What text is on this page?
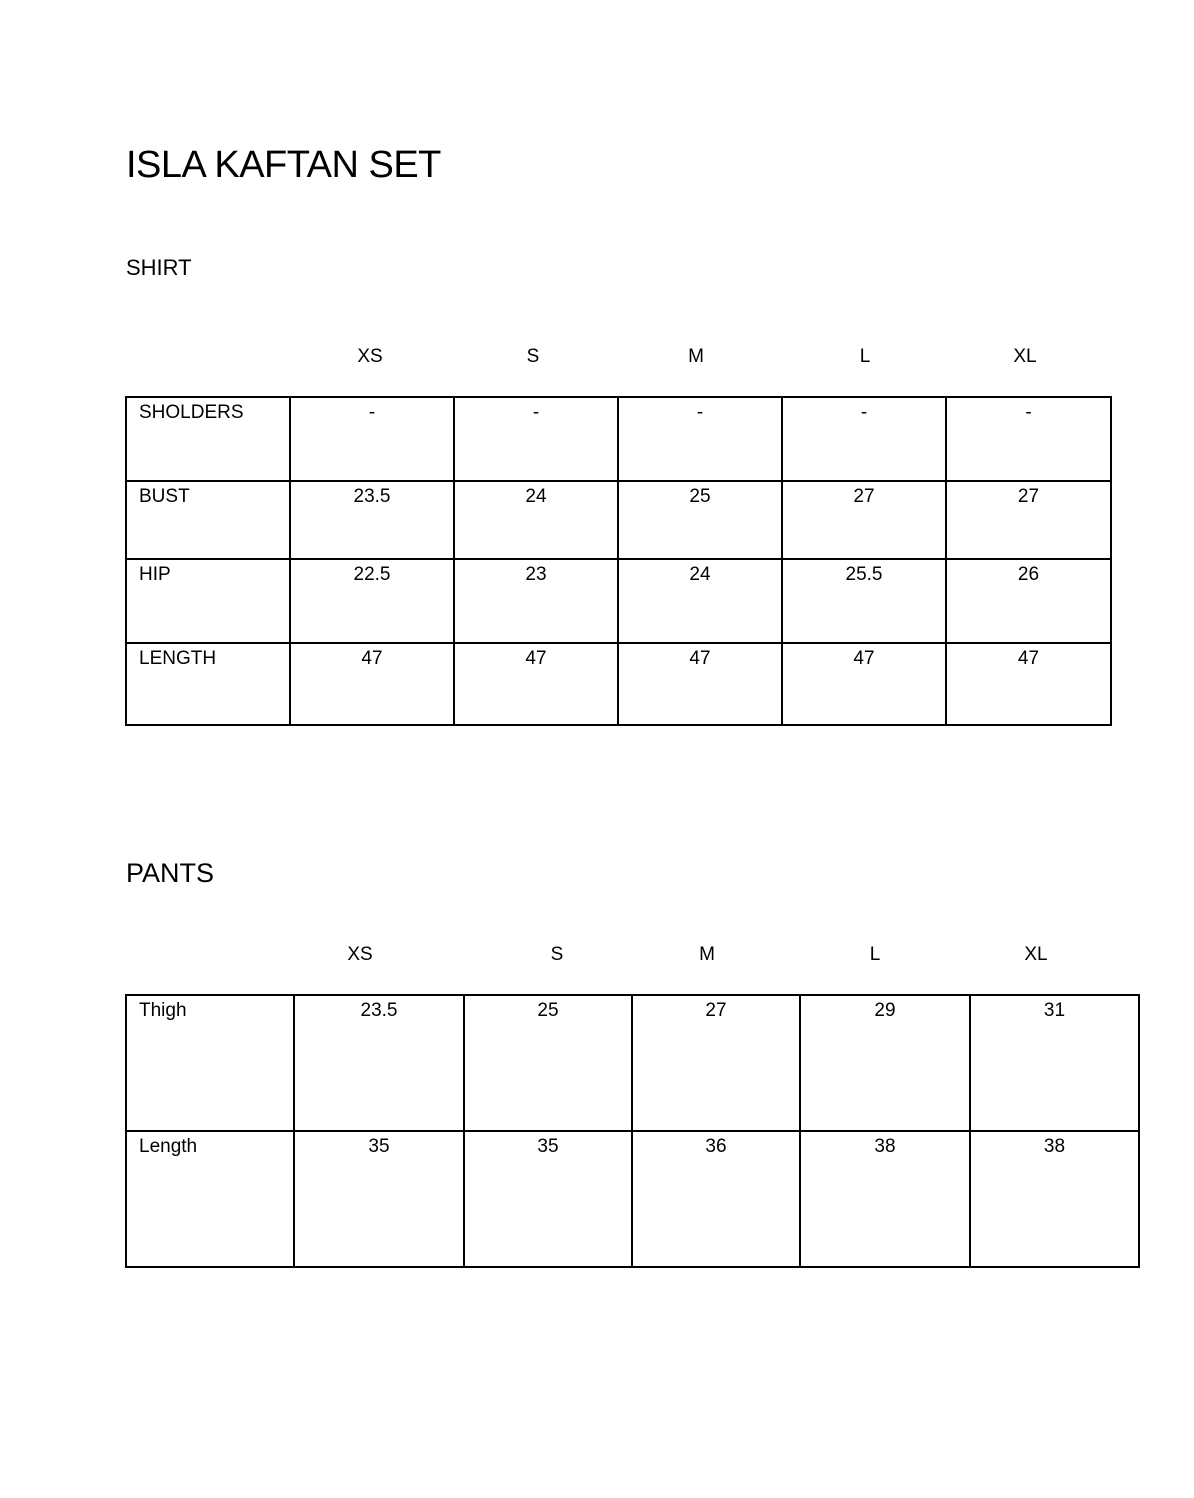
ISLA KAFTAN SET
SHIRT
XS	S	M	L	XL
SHOLDERS	-	-	-	-	-
BUST	23.5	24	25	27	27
HIP	22.5	23	24	25.5	26
LENGTH	47	47	47	47	47
PANTS
XS	S	M	L	XL
Thigh	23.5	25	27	29	31
Length	35	35	36	38	38
